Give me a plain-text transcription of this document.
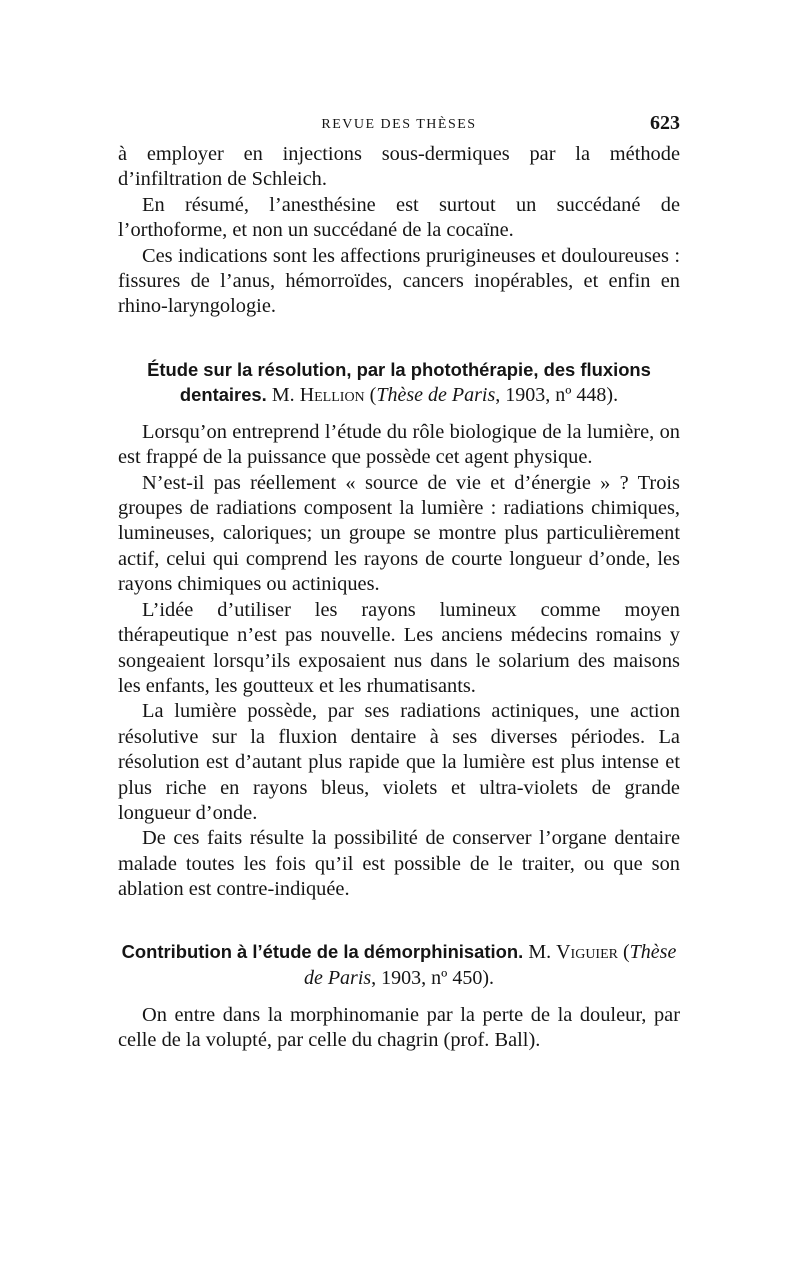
REVUE DES THÈSES	623

à employer en injections sous-dermiques par la méthode d’infiltration de Schleich.

En résumé, l’anesthésine est surtout un succédané de l’orthoforme, et non un succédané de la cocaïne.

Ces indications sont les affections prurigineuses et douloureuses : fissures de l’anus, hémorroïdes, cancers inopérables, et enfin en rhino-laryngologie.

Étude sur la résolution, par la photothérapie, des fluxions dentaires. M. Hellion (Thèse de Paris, 1903, nº 448).

Lorsqu’on entreprend l’étude du rôle biologique de la lumière, on est frappé de la puissance que possède cet agent physique.

N’est-il pas réellement « source de vie et d’énergie » ? Trois groupes de radiations composent la lumière : radiations chimiques, lumineuses, caloriques; un groupe se montre plus particulièrement actif, celui qui comprend les rayons de courte longueur d’onde, les rayons chimiques ou actiniques.

L’idée d’utiliser les rayons lumineux comme moyen thérapeutique n’est pas nouvelle. Les anciens médecins romains y songeaient lorsqu’ils exposaient nus dans le solarium des maisons les enfants, les goutteux et les rhumatisants.

La lumière possède, par ses radiations actiniques, une action résolutive sur la fluxion dentaire à ses diverses périodes. La résolution est d’autant plus rapide que la lumière est plus intense et plus riche en rayons bleus, violets et ultra-violets de grande longueur d’onde.

De ces faits résulte la possibilité de conserver l’organe dentaire malade toutes les fois qu’il est possible de le traiter, ou que son ablation est contre-indiquée.

Contribution à l’étude de la démorphinisation. M. Viguier (Thèse de Paris, 1903, nº 450).

On entre dans la morphinomanie par la perte de la douleur, par celle de la volupté, par celle du chagrin (prof. Ball).
